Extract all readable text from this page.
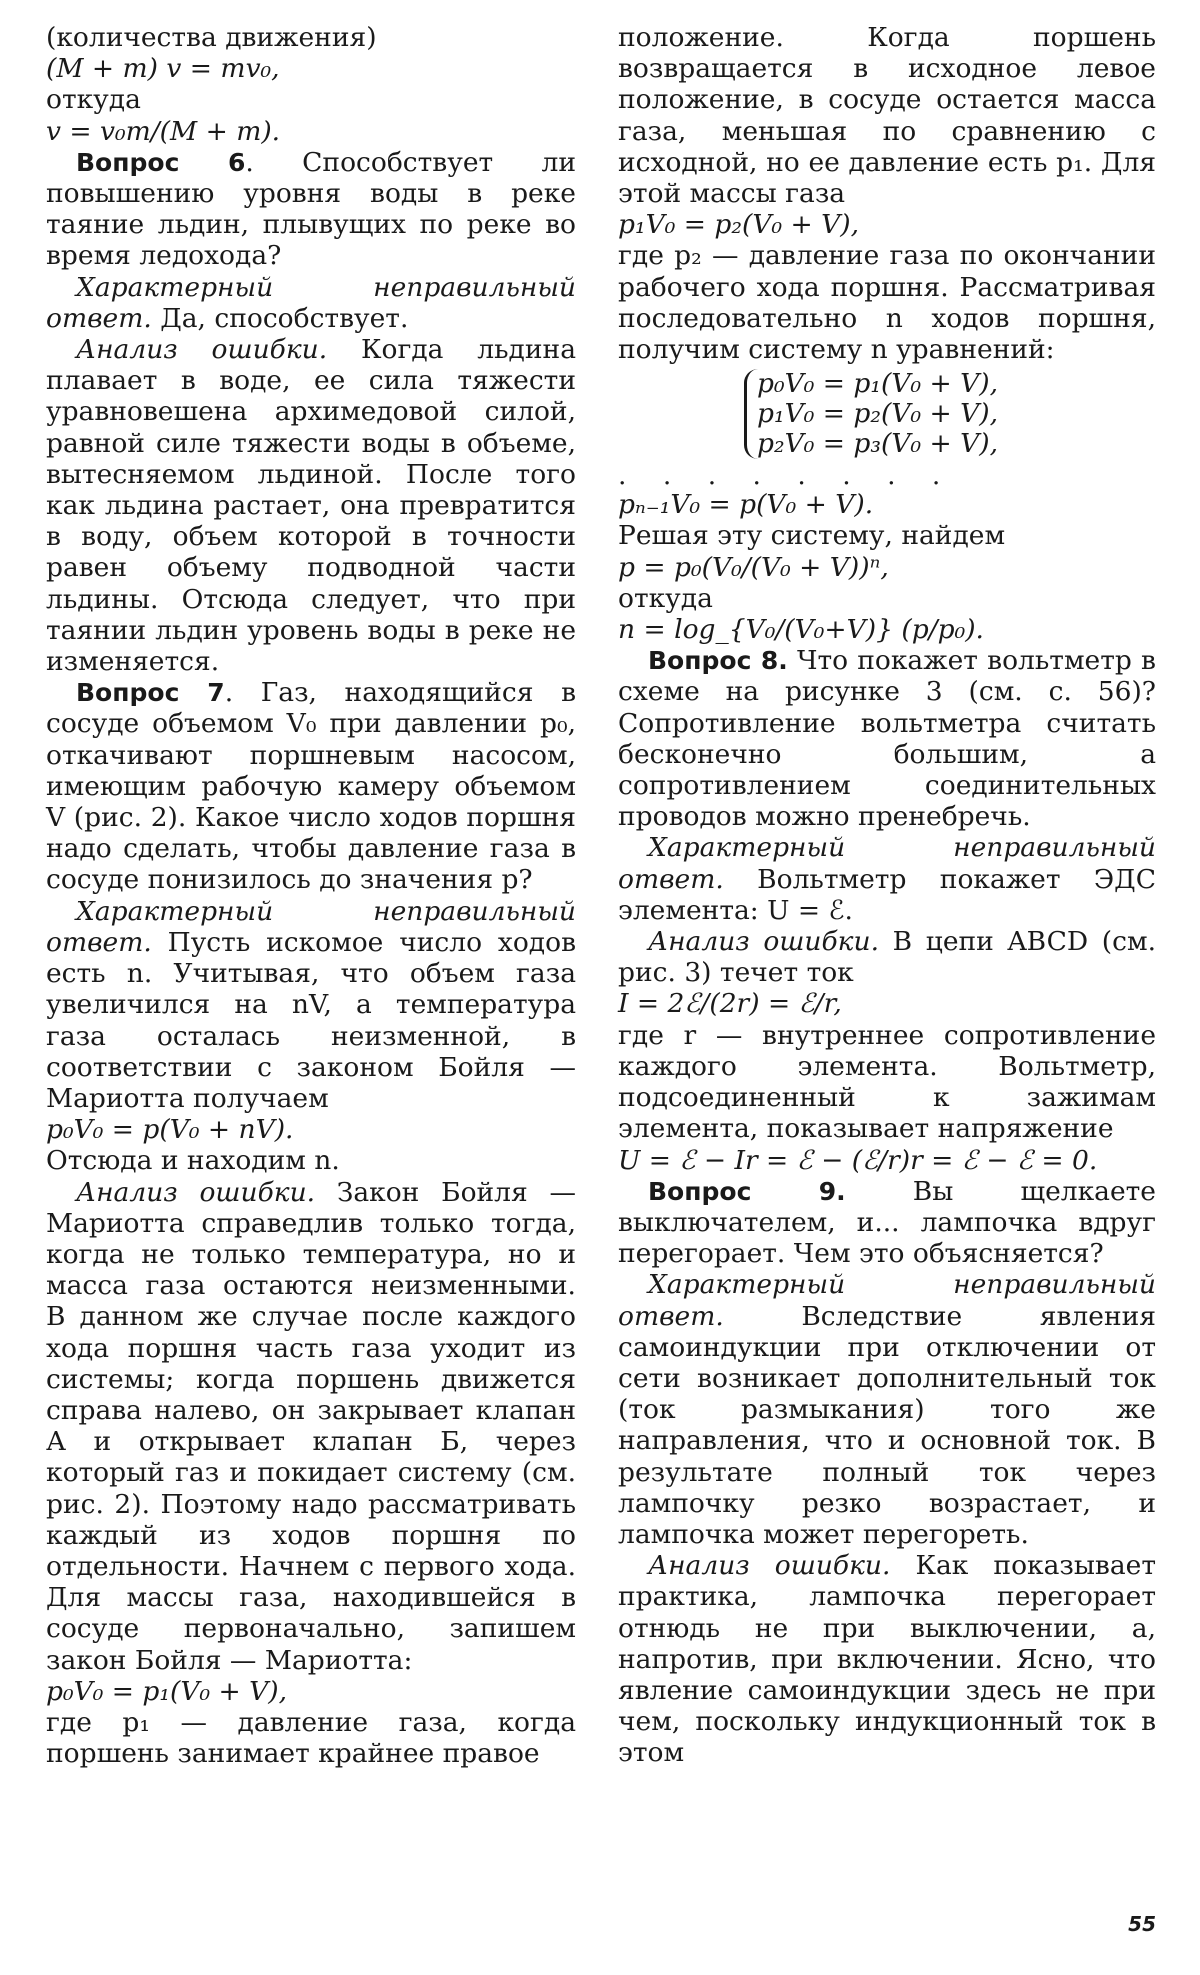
(количества движения)

(M + m) v = mv₀,

откуда

v = v₀m/(M + m).

Вопрос 6. Способствует ли повышению уровня воды в реке таяние льдин, плывущих по реке во время ледохода?

Характерный неправильный ответ. Да, способствует.

Анализ ошибки. Когда льдина плавает в воде, ее сила тяжести уравновешена архимедовой силой, равной силе тяжести воды в объеме, вытесняемом льдиной. После того как льдина растает, она превратится в воду, объем которой в точности равен объему подводной части льдины. Отсюда следует, что при таянии льдин уровень воды в реке не изменяется.

Вопрос 7. Газ, находящийся в сосуде объемом V₀ при давлении p₀, откачивают поршневым насосом, имеющим рабочую камеру объемом V (рис. 2). Какое число ходов поршня надо сделать, чтобы давление газа в сосуде понизилось до значения p?

Характерный неправильный ответ. Пусть искомое число ходов есть n. Учитывая, что объем газа увеличился на nV, а температура газа осталась неизменной, в соответствии с законом Бойля — Мариотта получаем

p₀V₀ = p(V₀ + nV).

Отсюда и находим n.

Анализ ошибки. Закон Бойля — Мариотта справедлив только тогда, когда не только температура, но и масса газа остаются неизменными. В данном же случае после каждого хода поршня часть газа уходит из системы; когда поршень движется справа налево, он закрывает клапан А и открывает клапан Б, через который газ и покидает систему (см. рис. 2). Поэтому надо рассматривать каждый из ходов поршня по отдельности. Начнем с первого хода. Для массы газа, находившейся в сосуде первоначально, запишем закон Бойля — Мариотта:

p₀V₀ = p₁(V₀ + V),

где p₁ — давление газа, когда поршень занимает крайнее правое

положение. Когда поршень возвращается в исходное левое положение, в сосуде остается масса газа, меньшая по сравнению с исходной, но ее давление есть p₁. Для этой массы газа

p₁V₀ = p₂(V₀ + V),

где p₂ — давление газа по окончании рабочего хода поршня. Рассматривая последовательно n ходов поршня, получим систему n уравнений:

p₀V₀ = p₁(V₀ + V),
p₁V₀ = p₂(V₀ + V),
p₂V₀ = p₃(V₀ + V),

. . . . . . . .

pₙ₋₁V₀ = p(V₀ + V).

Решая эту систему, найдем

p = p₀(V₀/(V₀ + V))ⁿ,

откуда

n = log_{V₀/(V₀+V)} (p/p₀).

Вопрос 8. Что покажет вольтметр в схеме на рисунке 3 (см. с. 56)? Сопротивление вольтметра считать бесконечно большим, а сопротивлением соединительных проводов можно пренебречь.

Характерный неправильный ответ. Вольтметр покажет ЭДС элемента: U = ℰ.

Анализ ошибки. В цепи ABCD (см. рис. 3) течет ток

I = 2ℰ/(2r) = ℰ/r,

где r — внутреннее сопротивление каждого элемента. Вольтметр, подсоединенный к зажимам элемента, показывает напряжение

U = ℰ − Ir = ℰ − (ℰ/r)r = ℰ − ℰ = 0.

Вопрос 9. Вы щелкаете выключателем, и... лампочка вдруг перегорает. Чем это объясняется?

Характерный неправильный ответ.	Вследствие явления самоиндукции при отключении от сети возникает дополнительный ток (ток размыкания) того же направления, что и основной ток. В результате полный ток через лампочку резко возрастает, и лампочка может перегореть.

Анализ ошибки. Как показывает практика, лампочка перегорает отнюдь не при выключении, а, напротив, при включении. Ясно, что явление самоиндукции здесь не при чем, поскольку индукционный ток в этом

55
